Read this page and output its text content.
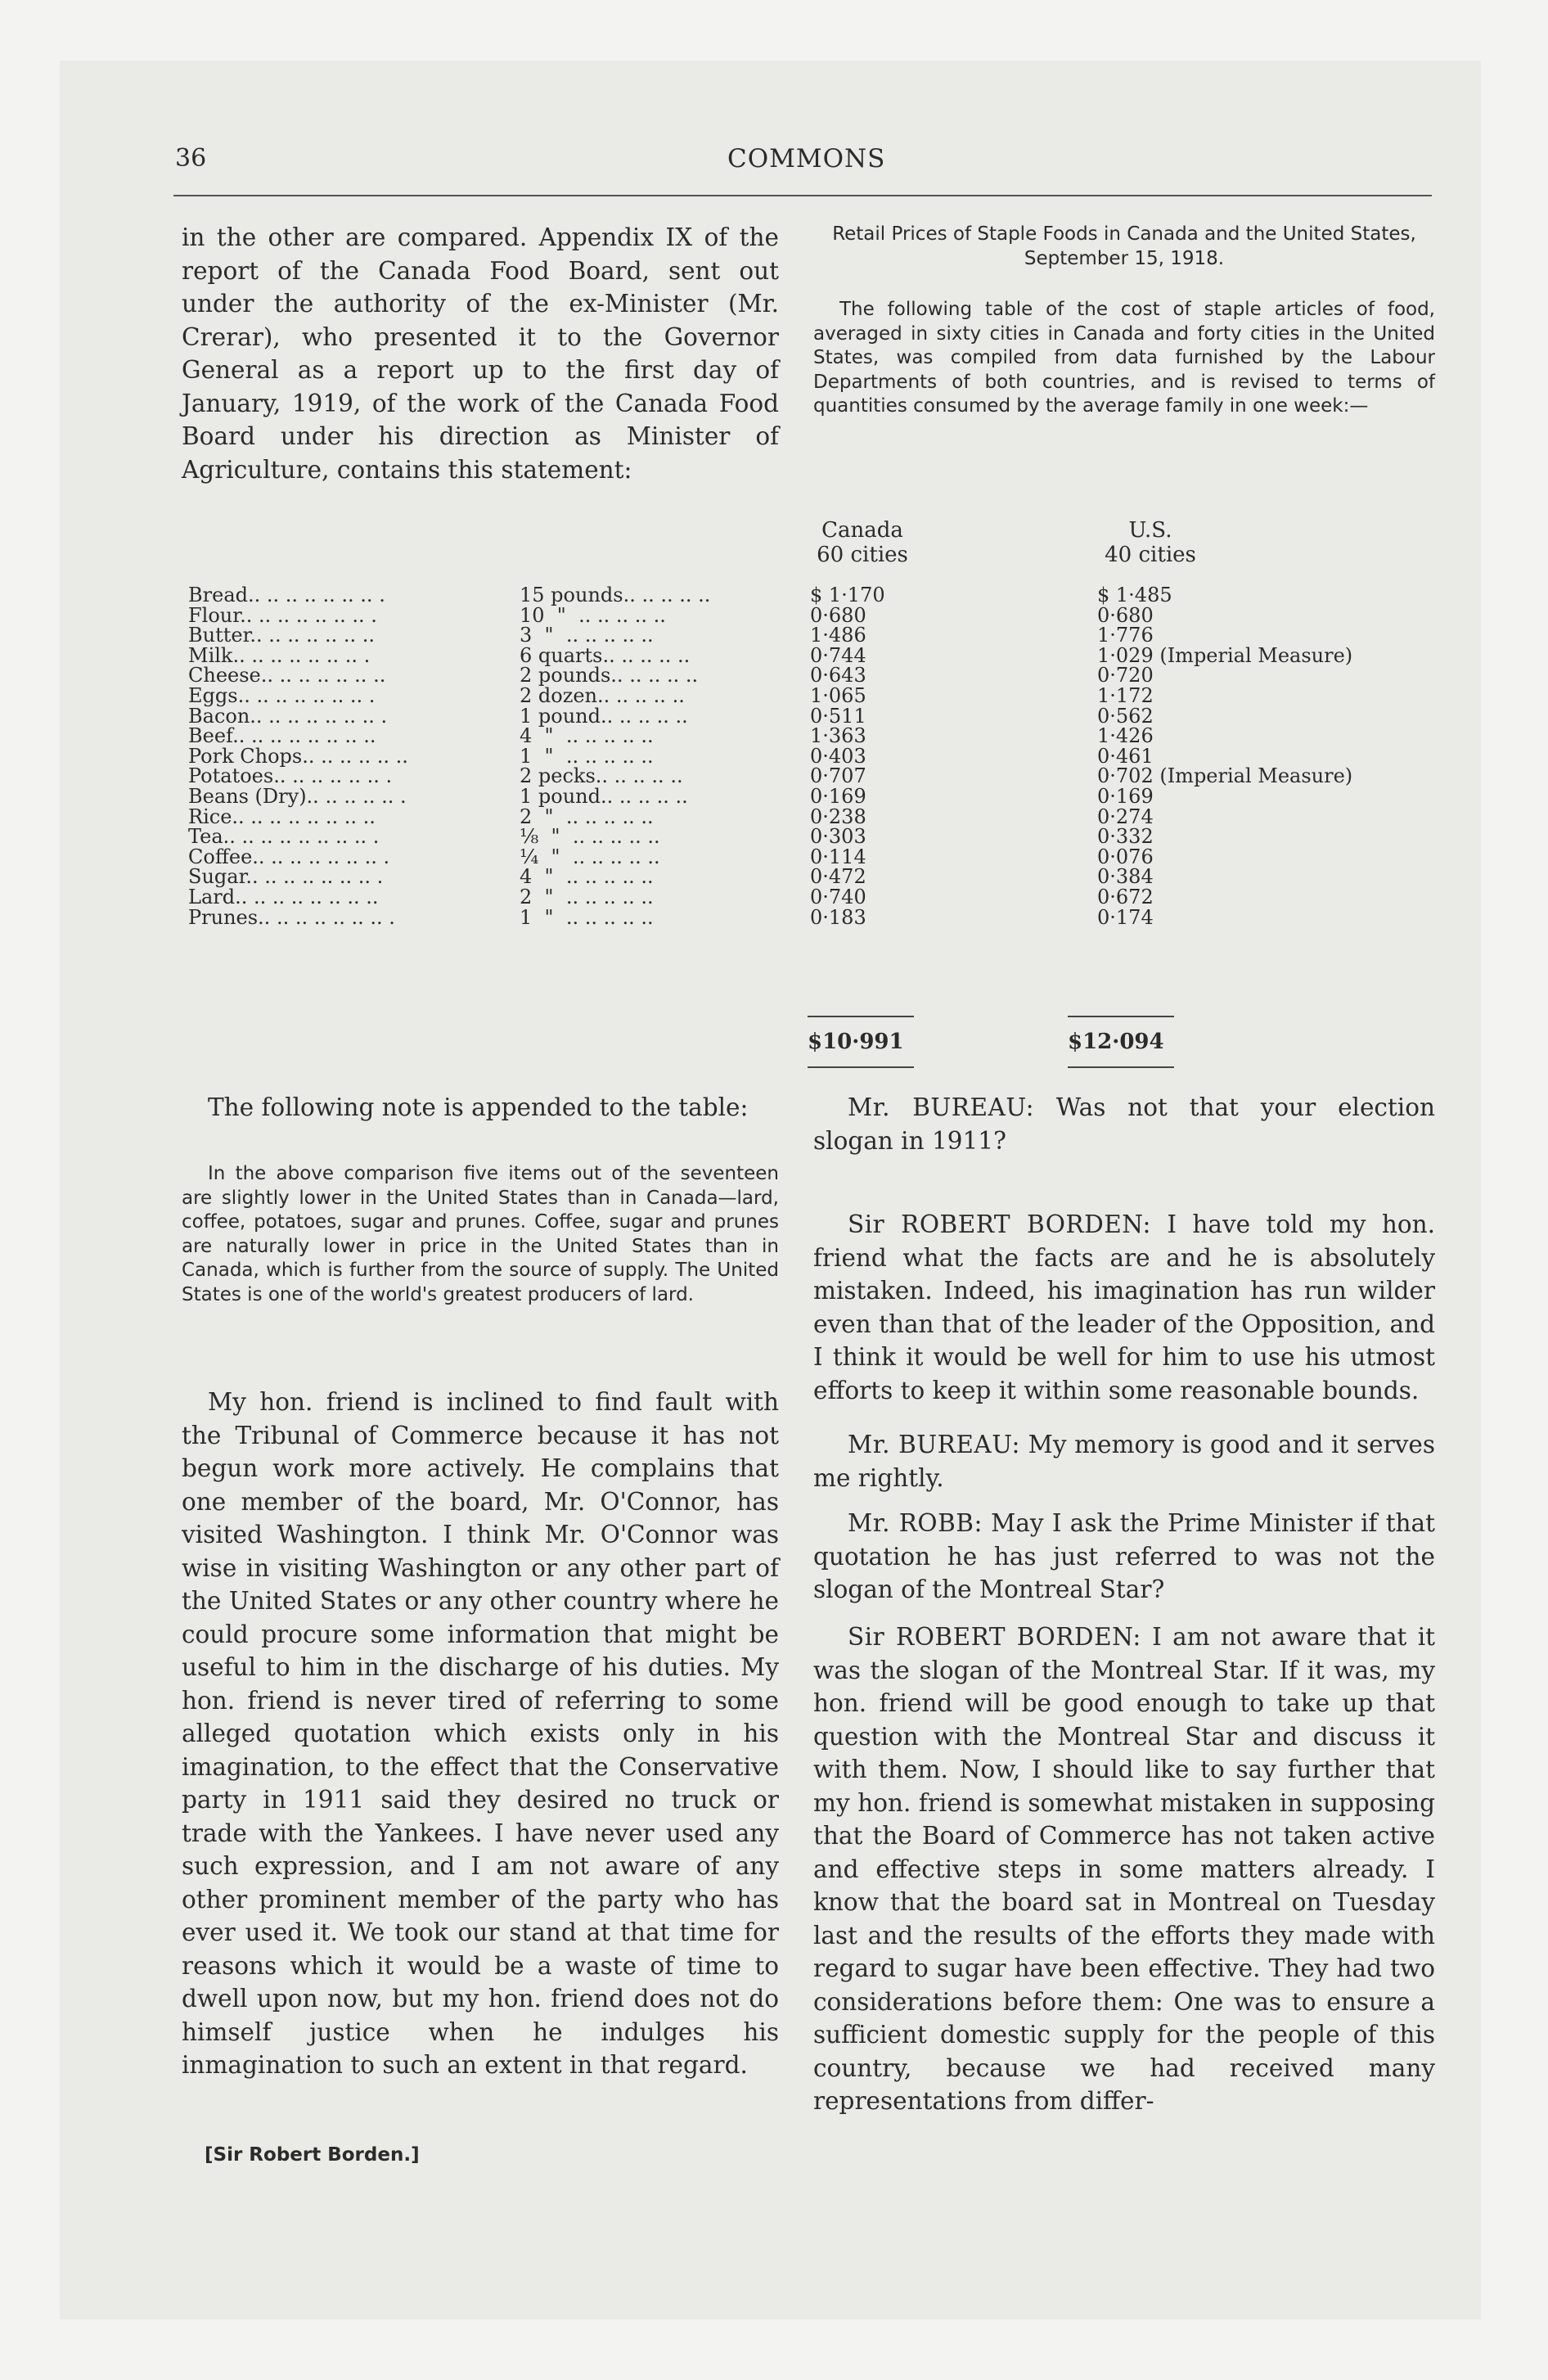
36	COMMONS

in the other are compared. Appendix IX of the report of the Canada Food Board, sent out under the authority of the ex-Minister (Mr. Crerar), who presented it to the Governor General as a report up to the first day of January, 1919, of the work of the Canada Food Board under his direction as Minister of Agriculture, contains this statement:

Retail Prices of Staple Foods in Canada and the United States, September 15, 1918.

The following table of the cost of staple articles of food, averaged in sixty cities in Canada and forty cities in the United States, was compiled from data furnished by the Labour Departments of both countries, and is revised to terms of quantities consumed by the average family in one week:—

Canada
60 cities
U.S.
40 cities
Bread.. .. .. .. .. .. .. .	15 pounds.. .. .. .. ..	$ 1·170	$ 1·485
Flour.. .. .. .. .. .. .. .	10  "  .. .. .. .. ..	0·680	0·680
Butter.. .. .. .. .. .. ..	3  "  .. .. .. .. ..	1·486	1·776
Milk.. .. .. .. .. .. .. .	6 quarts.. .. .. .. ..	0·744	1·029 (Imperial Measure)
Cheese.. .. .. .. .. .. ..	2 pounds.. .. .. .. ..	0·643	0·720
Eggs.. .. .. .. .. .. .. .	2 dozen.. .. .. .. ..	1·065	1·172
Bacon.. .. .. .. .. .. .. .	1 pound.. .. .. .. ..	0·511	0·562
Beef.. .. .. .. .. .. .. ..	4  "  .. .. .. .. ..	1·363	1·426
Pork Chops.. .. .. .. .. ..	1  "  .. .. .. .. ..	0·403	0·461
Potatoes.. .. .. .. .. .. .	2 pecks.. .. .. .. ..	0·707	0·702 (Imperial Measure)
Beans (Dry).. .. .. .. .. .	1 pound.. .. .. .. ..	0·169	0·169
Rice.. .. .. .. .. .. .. ..	2  "  .. .. .. .. ..	0·238	0·274
Tea.. .. .. .. .. .. .. .. .	⅛  "  .. .. .. .. ..	0·303	0·332
Coffee.. .. .. .. .. .. .. .	¼  "  .. .. .. .. ..	0·114	0·076
Sugar.. .. .. .. .. .. .. .	4  "  .. .. .. .. ..	0·472	0·384
Lard.. .. .. .. .. .. .. ..	2  "  .. .. .. .. ..	0·740	0·672
Prunes.. .. .. .. .. .. .. .	1  "  .. .. .. .. ..	0·183	0·174
$10·991	$12·094

The following note is appended to the table:

In the above comparison five items out of the seventeen are slightly lower in the United States than in Canada—lard, coffee, potatoes, sugar and prunes. Coffee, sugar and prunes are naturally lower in price in the United States than in Canada, which is further from the source of supply. The United States is one of the world's greatest producers of lard.

My hon. friend is inclined to find fault with the Tribunal of Commerce because it has not begun work more actively. He complains that one member of the board, Mr. O'Connor, has visited Washington. I think Mr. O'Connor was wise in visiting Washington or any other part of the United States or any other country where he could procure some information that might be useful to him in the discharge of his duties. My hon. friend is never tired of referring to some alleged quotation which exists only in his imagination, to the effect that the Conservative party in 1911 said they desired no truck or trade with the Yankees. I have never used any such expression, and I am not aware of any other prominent member of the party who has ever used it. We took our stand at that time for reasons which it would be a waste of time to dwell upon now, but my hon. friend does not do himself justice when he indulges his inmagination to such an extent in that regard.

[Sir Robert Borden.]

Mr. BUREAU: Was not that your election slogan in 1911?

Sir ROBERT BORDEN: I have told my hon. friend what the facts are and he is absolutely mistaken. Indeed, his imagination has run wilder even than that of the leader of the Opposition, and I think it would be well for him to use his utmost efforts to keep it within some reasonable bounds.

Mr. BUREAU: My memory is good and it serves me rightly.

Mr. ROBB: May I ask the Prime Minister if that quotation he has just referred to was not the slogan of the Montreal Star?

Sir ROBERT BORDEN: I am not aware that it was the slogan of the Montreal Star. If it was, my hon. friend will be good enough to take up that question with the Montreal Star and discuss it with them. Now, I should like to say further that my hon. friend is somewhat mistaken in supposing that the Board of Commerce has not taken active and effective steps in some matters already. I know that the board sat in Montreal on Tuesday last and the results of the efforts they made with regard to sugar have been effective. They had two considerations before them: One was to ensure a sufficient domestic supply for the people of this country, because we had received many representations from differ-
